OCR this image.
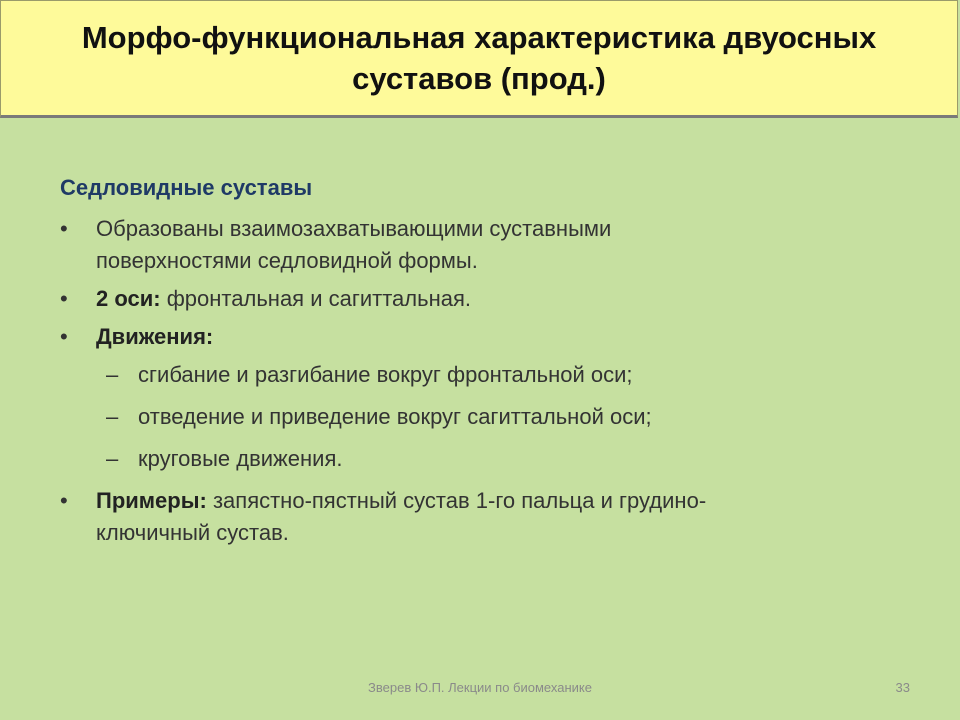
Морфо-функциональная характеристика двуосных
суставов (прод.)
Седловидные суставы
• Образованы взаимозахватывающими суставными
поверхностями седловидной формы.
• 2 оси: фронтальная и сагиттальная.
• Движения:
– сгибание и разгибание вокруг фронтальной оси;
– отведение и приведение вокруг сагиттальной оси;
– круговые движения.
• Примеры: запястно-пястный сустав 1-го пальца и грудино-
ключичный сустав.
Зверев Ю.П. Лекции по биомеханике	33
